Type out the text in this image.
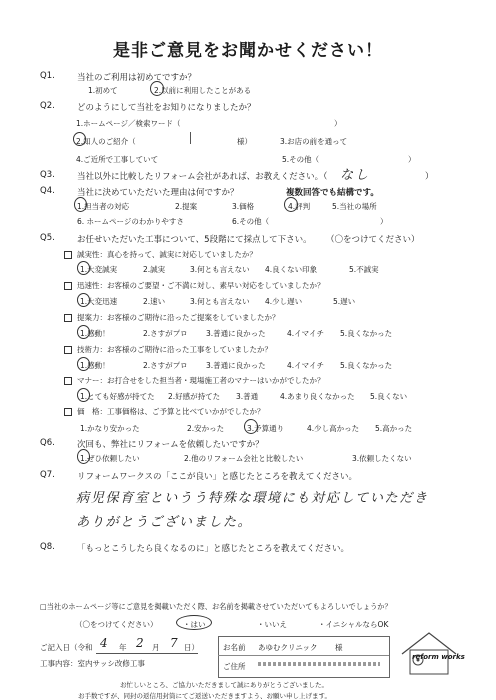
是非ご意見をお聞かせください！
Q1.	当社のご利用は初めてですか？
1.初めて	2.以前に利用したことがある
Q2.	どのようにして当社をお知りになりましたか？
1.ホームページ／検索ワード（	）
2.知人のご紹介（	様）	3.お店の前を通って
4.ご近所で工事していて	5.その他（	）
Q3.	当社以外に比較したリフォーム会社があれば、お教えください。（ なし	）
Q4.	当社に決めていただいた理由は何ですか？	複数回答でも結構です。
1.担当者の対応	2.提案	3.価格	4.評判	5.当社の場所
6. ホームページのわかりやすさ	6.その他（	）
Q5.	お任せいただいた工事について、5段階にて採点して下さい。 （〇をつけてください）
誠実性：真心を持って、誠実に対応していましたか？
1.大変誠実	2.誠実	3.何とも言えない 4.良くない印象	5.不誠実
迅速性：お客様のご要望・ご不満に対し、素早い対応をしていましたか？
1.大変迅速	2.速い	3.何とも言えない 4.少し遅い	5.遅い
提案力：お客様のご期待に沿ったご提案をしていましたか？
1.感動！	2.さすがプロ 3.普通に良かった	4.イマイチ 5.良くなかった
技術力：お客様のご期待に沿った工事をしていましたか？
1.感動！	2.さすがプロ 3.普通に良かった	4.イマイチ 5.良くなかった
マナー：お打合せをした担当者・現場施工者のマナーはいかがでしたか？
1.とても好感が持てた 2.好感が持てた 3.普通	4.あまり良くなかった 5.良くない
価　格：工事価格は、ご予算と比べていかがでしたか？
1.かなり安かった	2.安かった	3.予算通り	4.少し高かった 5.高かった
Q6.	次回も、弊社にリフォームを依頼したいですか？
1.ぜひ依頼したい	2.他のリフォーム会社と比較したい	3.依頼したくない
Q7.	リフォームワークスの「ここが良い」と感じたところを教えてください。
病児保育室というう特殊な環境にも対応していただき
ありがとうございました。
Q8.	「もっとこうしたら良くなるのに」と感じたところを教えてください。
□当社のホームページ等にご意見を掲載いただく際、お名前を掲載させていただいてもよろしいでしょうか？
（〇をつけてください）	・はい	・いいえ	・イニシャルならOK
ご記入日（令和 4 年 2 月 7 日）
工事内容：室内サッシ改修工事
お名前 あゆむクリニック 様
ご住所
reform works
お忙しいところ、ご協力いただきまして誠にありがとうございました。
お手数ですが、同封の返信用封筒にてご返送いただきますよう、お願い申し上げます。
